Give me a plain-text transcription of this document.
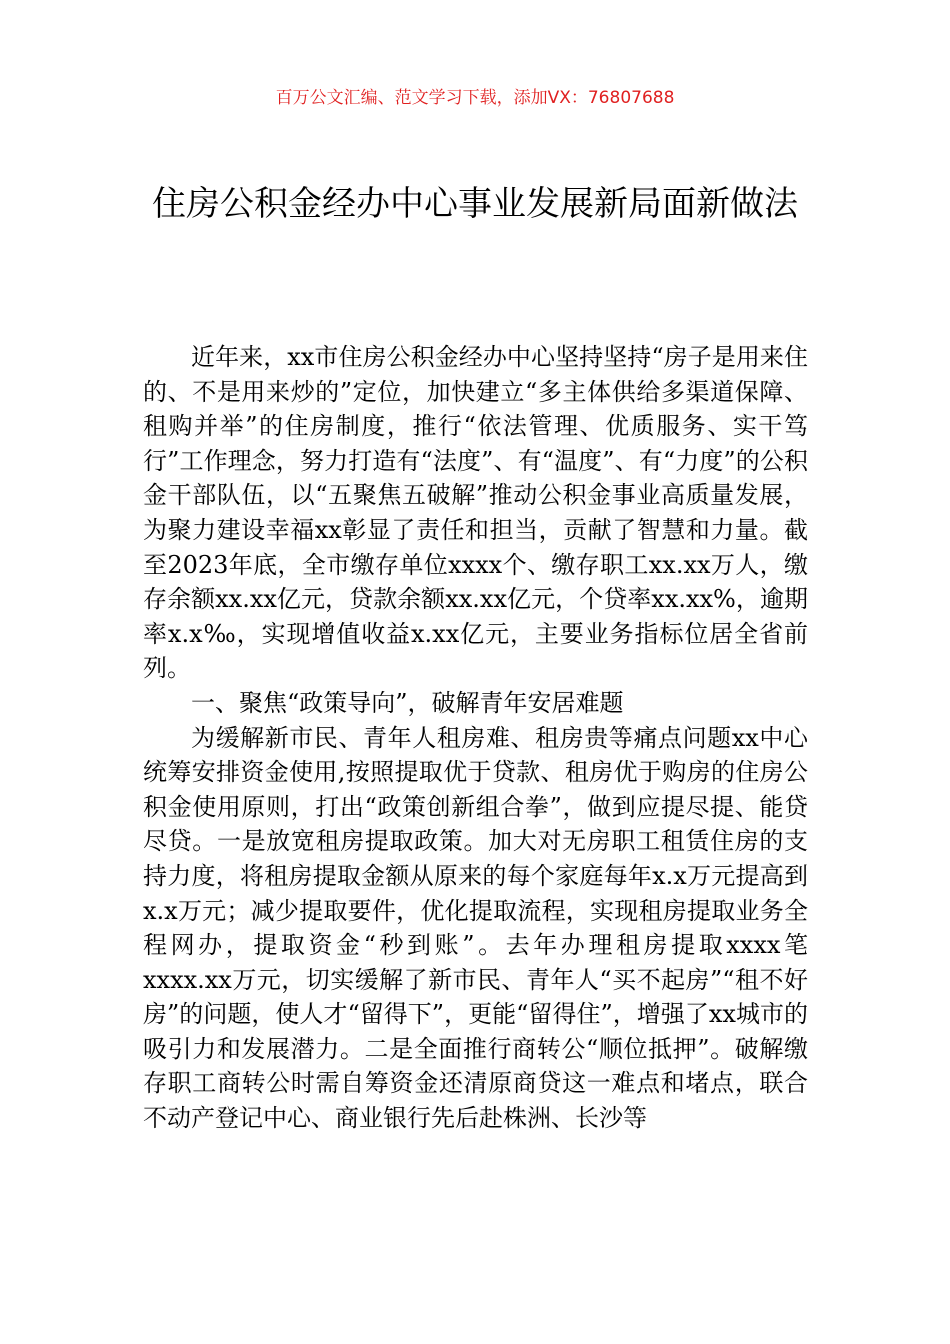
百万公文汇编、范文学习下载，添加VX：76807688
住房公积金经办中心事业发展新局面新做法

近年来，xx市住房公积金经办中心坚持坚持“房子是用来住的、不是用来炒的”定位，加快建立“多主体供给多渠道保障、租购并举”的住房制度，推行“依法管理、优质服务、实干笃行”工作理念，努力打造有“法度”、有“温度”、有“力度”的公积金干部队伍，以“五聚焦五破解”推动公积金事业高质量发展，为聚力建设幸福xx彰显了责任和担当，贡献了智慧和力量。截至2023年底，全市缴存单位xxxx个、缴存职工xx.xx万人，缴存余额xx.xx亿元，贷款余额xx.xx亿元，个贷率xx.xx%，逾期率x.x‰，实现增值收益x.xx亿元，主要业务指标位居全省前列。

一、聚焦“政策导向”，破解青年安居难题

为缓解新市民、青年人租房难、租房贵等痛点问题xx中心统筹安排资金使用,按照提取优于贷款、租房优于购房的住房公积金使用原则，打出“政策创新组合拳”，做到应提尽提、能贷尽贷。一是放宽租房提取政策。加大对无房职工租赁住房的支持力度，将租房提取金额从原来的每个家庭每年x.x万元提高到x.x万元；减少提取要件，优化提取流程，实现租房提取业务全程网办，提取资金“秒到账”。去年办理租房提取xxxx笔xxxx.xx万元，切实缓解了新市民、青年人“买不起房”“租不好房”的问题，使人才“留得下”，更能“留得住”，增强了xx城市的吸引力和发展潜力。二是全面推行商转公“顺位抵押”。破解缴存职工商转公时需自筹资金还清原商贷这一难点和堵点，联合不动产登记中心、商业银行先后赴株洲、长沙等
